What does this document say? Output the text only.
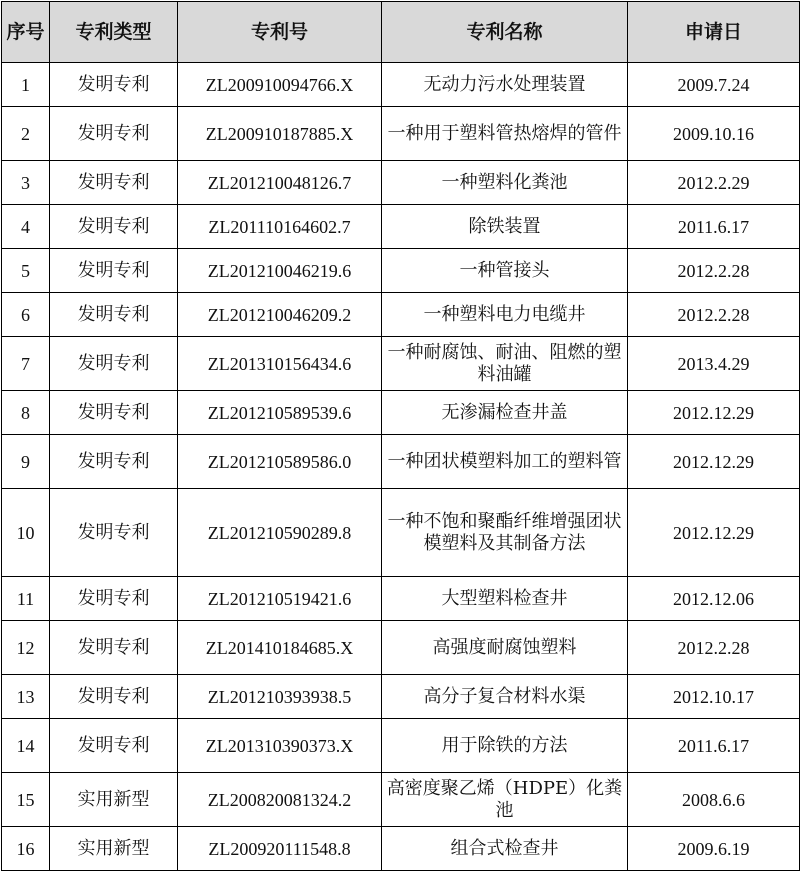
序号	专利类型	专利号	专利名称	申请日
1	发明专利	ZL200910094766.X	无动力污水处理装置	2009.7.24
2	发明专利	ZL200910187885.X	一种用于塑料管热熔焊的管件	2009.10.16
3	发明专利	ZL201210048126.7	一种塑料化粪池	2012.2.29
4	发明专利	ZL201110164602.7	除铁装置	2011.6.17
5	发明专利	ZL201210046219.6	一种管接头	2012.2.28
6	发明专利	ZL201210046209.2	一种塑料电力电缆井	2012.2.28
7	发明专利	ZL201310156434.6	一种耐腐蚀、耐油、阻燃的塑料油罐	2013.4.29
8	发明专利	ZL201210589539.6	无渗漏检查井盖	2012.12.29
9	发明专利	ZL201210589586.0	一种团状模塑料加工的塑料管	2012.12.29
10	发明专利	ZL201210590289.8	一种不饱和聚酯纤维增强团状模塑料及其制备方法	2012.12.29
11	发明专利	ZL201210519421.6	大型塑料检查井	2012.12.06
12	发明专利	ZL201410184685.X	高强度耐腐蚀塑料	2012.2.28
13	发明专利	ZL201210393938.5	高分子复合材料水渠	2012.10.17
14	发明专利	ZL201310390373.X	用于除铁的方法	2011.6.17
15	实用新型	ZL200820081324.2	高密度聚乙烯（HDPE）化粪池	2008.6.6
16	实用新型	ZL200920111548.8	组合式检查井	2009.6.19
